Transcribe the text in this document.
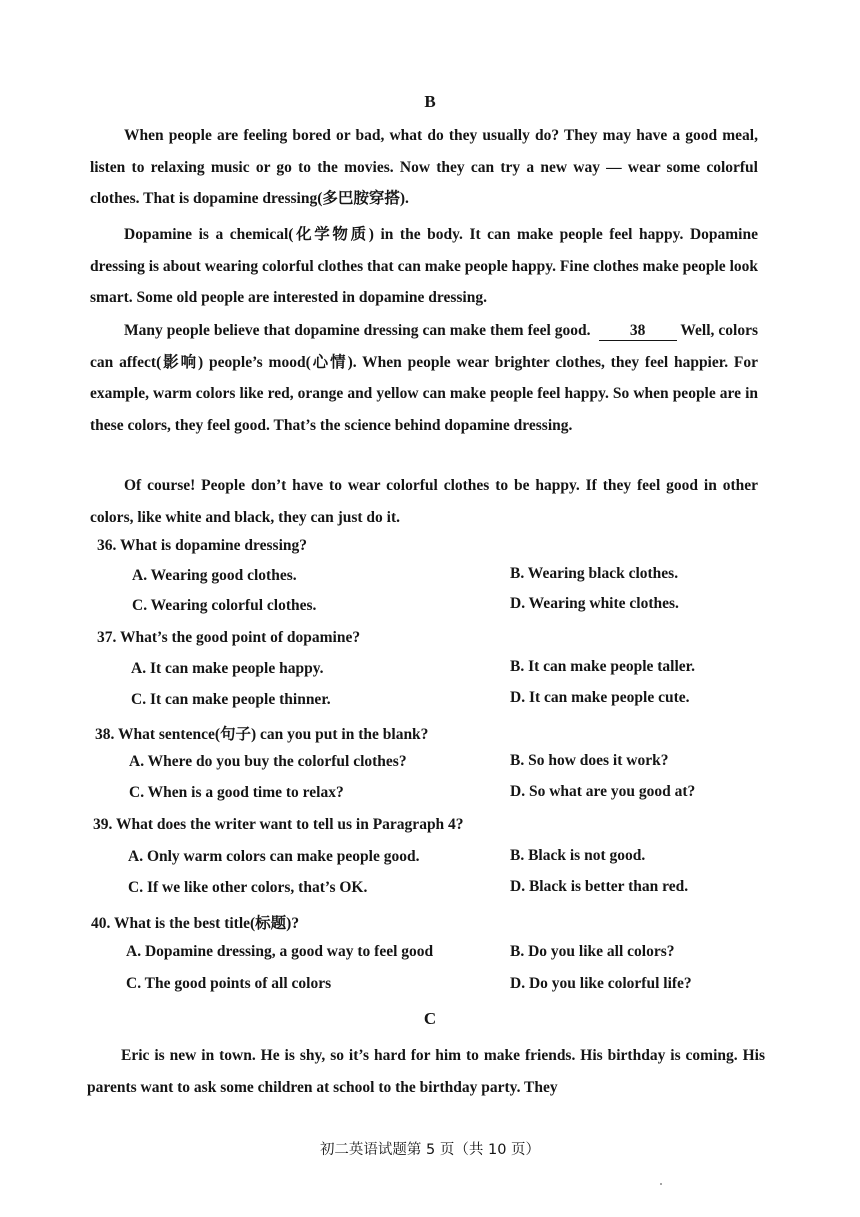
B

When people are feeling bored or bad, what do they usually do? They may have a good meal, listen to relaxing music or go to the movies. Now they can try a new way — wear some colorful clothes. That is dopamine dressing(多巴胺穿搭).

Dopamine is a chemical(化学物质) in the body. It can make people feel happy. Dopamine dressing is about wearing colorful clothes that can make people happy. Fine clothes make people look smart. Some old people are interested in dopamine dressing.

Many people believe that dopamine dressing can make them feel good.	38 Well, colors can affect(影响) people’s mood(心情). When people wear brighter clothes, they feel happier. For example, warm colors like red, orange and yellow can make people feel happy. So when people are in these colors, they feel good. That’s the science behind dopamine dressing.

Of course! People don’t have to wear colorful clothes to be happy. If they feel good in other colors, like white and black, they can just do it.

36. What is dopamine dressing?
A. Wearing good clothes.	B. Wearing black clothes.
C. Wearing colorful clothes.	D. Wearing white clothes.
37. What’s the good point of dopamine?
A. It can make people happy.	B. It can make people taller.
C. It can make people thinner.	D. It can make people cute.
38. What sentence(句子) can you put in the blank?
A. Where do you buy the colorful clothes?	B. So how does it work?
C. When is a good time to relax?	D. So what are you good at?
39. What does the writer want to tell us in Paragraph 4?
A. Only warm colors can make people good.	B. Black is not good.
C. If we like other colors, that’s OK.	D. Black is better than red.
40. What is the best title(标题)?
A. Dopamine dressing, a good way to feel good	B. Do you like all colors?
C. The good points of all colors	D. Do you like colorful life?
C

Eric is new in town. He is shy, so it’s hard for him to make friends. His birthday is coming. His parents want to ask some children at school to the birthday party. They

初二英语试题第 5 页（共 10 页）
